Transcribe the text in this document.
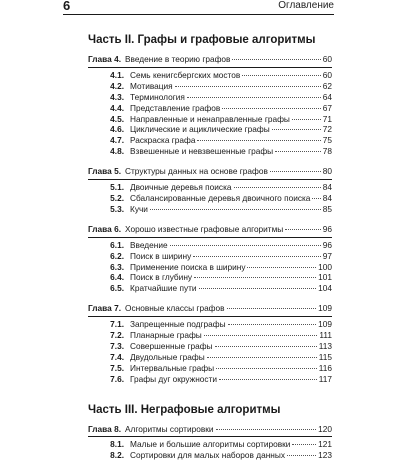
6	Оглавление
Часть II. Графы и графовые алгоритмы
Глава 4. Введение в теорию графов	60
4.1. Семь кенигсбергских мостов	60
4.2. Мотивация	62
4.3. Терминология	64
4.4. Представление графов	67
4.5. Направленные и ненаправленные графы	71
4.6. Циклические и ациклические графы	72
4.7. Раскраска графа	75
4.8. Взвешенные и невзвешенные графы	78
Глава 5. Структуры данных на основе графов	80
5.1. Двоичные деревья поиска	84
5.2. Сбалансированные деревья двоичного поиска 84
5.3. Кучи	85
Глава 6. Хорошо известные графовые алгоритмы	96
6.1. Введение	96
6.2. Поиск в ширину	97
6.3. Применение поиска в ширину	100
6.4. Поиск в глубину	101
6.5. Кратчайшие пути	104
Глава 7. Основные классы графов	109
7.1. Запрещенные подграфы	109
7.2. Планарные графы	111
7.3. Совершенные графы	113
7.4. Двудольные графы	115
7.5. Интервальные графы	116
7.6. Графы дуг окружности	117
Часть III. Неграфовые алгоритмы
Глава 8. Алгоритмы сортировки	120
8.1. Малые и большие алгоритмы сортировки	121
8.2. Сортировки для малых наборов данных	123
